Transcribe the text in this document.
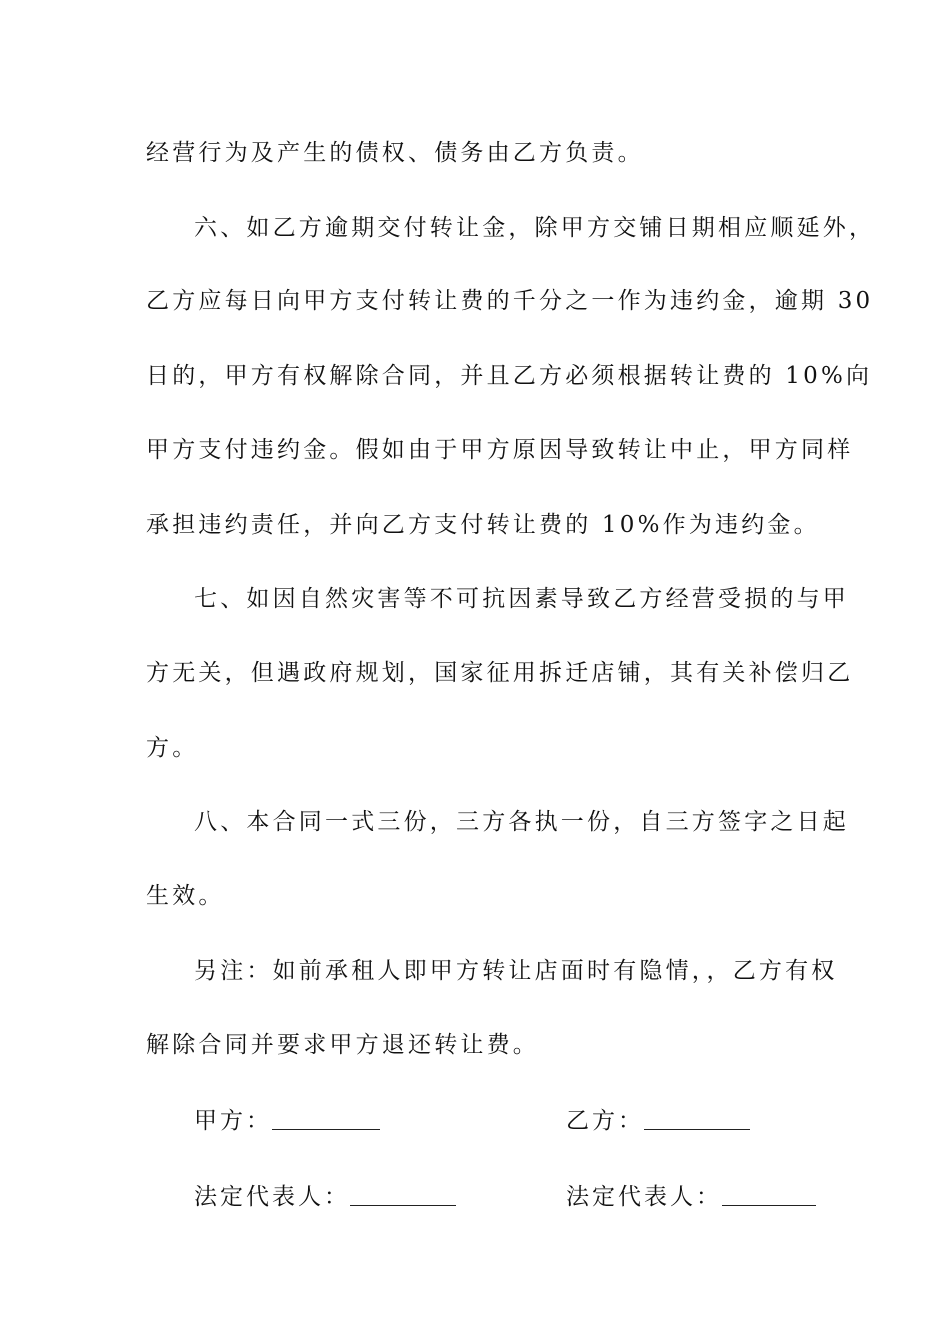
经营行为及产生的债权、债务由乙方负责。
六、如乙方逾期交付转让金，除甲方交铺日期相应顺延外，
乙方应每日向甲方支付转让费的千分之一作为违约金，逾期 30
日的，甲方有权解除合同，并且乙方必须根据转让费的 10%向
甲方支付违约金。假如由于甲方原因导致转让中止，甲方同样
承担违约责任，并向乙方支付转让费的 10%作为违约金。
七、如因自然灾害等不可抗因素导致乙方经营受损的与甲
方无关，但遇政府规划，国家征用拆迁店铺，其有关补偿归乙
方。
八、本合同一式三份，三方各执一份，自三方签字之日起
生效。
另注：如前承租人即甲方转让店面时有隐情，，乙方有权
解除合同并要求甲方退还转让费。
甲方：	乙方：
法定代表人：	法定代表人：
